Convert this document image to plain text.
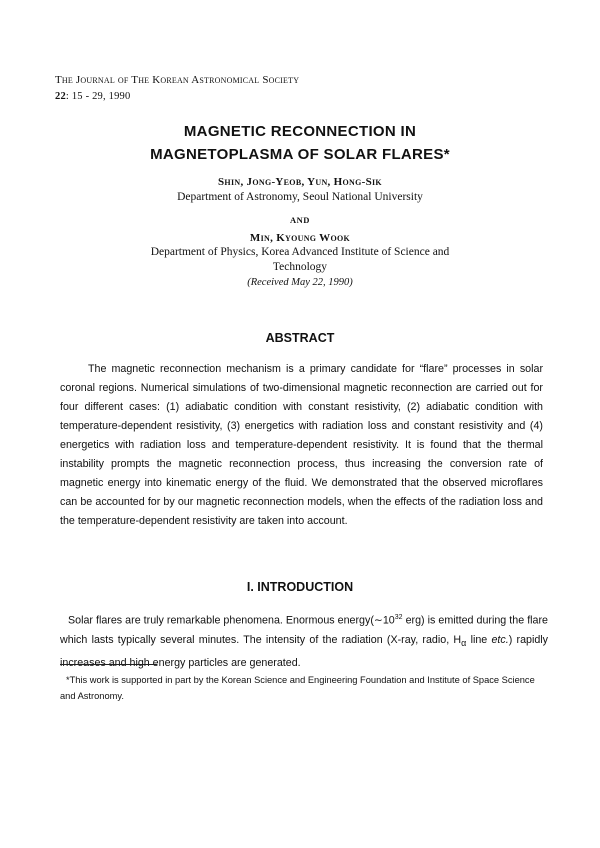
The Journal of The Korean Astronomical Society
22: 15 - 29, 1990
MAGNETIC RECONNECTION IN
MAGNETOPLASMA OF SOLAR FLARES*
Shin, Jong-Yeob, Yun, Hong-Sik
Department of Astronomy, Seoul National University
AND
Min, Kyoung Wook
Department of Physics, Korea Advanced Institute of Science and
Technology
(Received May 22, 1990)
ABSTRACT

The magnetic reconnection mechanism is a primary candidate for “flare” processes in solar coronal regions. Numerical simulations of two-dimensional magnetic reconnection are carried out for four different cases: (1) adiabatic condition with constant resistivity, (2) adiabatic condition with temperature-dependent resistivity, (3) energetics with radiation loss and constant resistivity and (4) energetics with radiation loss and temperature-dependent resistivity. It is found that the thermal instability prompts the magnetic reconnection process, thus increasing the conversion rate of magnetic energy into kinematic energy of the fluid. We demonstrated that the observed microflares can be accounted for by our magnetic reconnection models, when the effects of the radiation loss and the temperature-dependent resistivity are taken into account.

I. INTRODUCTION

Solar flares are truly remarkable phenomena. Enormous $energy(\sim 10^{32}$ erg) is emitted during the flare which lasts typically several minutes. The intensity of the radiation (X-ray, radio, $H_\alpha$ line etc.) rapidly increases and high energy particles are generated.

*This work is supported in part by the Korean Science and Engineering Foundation and Institute of Space Science and Astronomy.
